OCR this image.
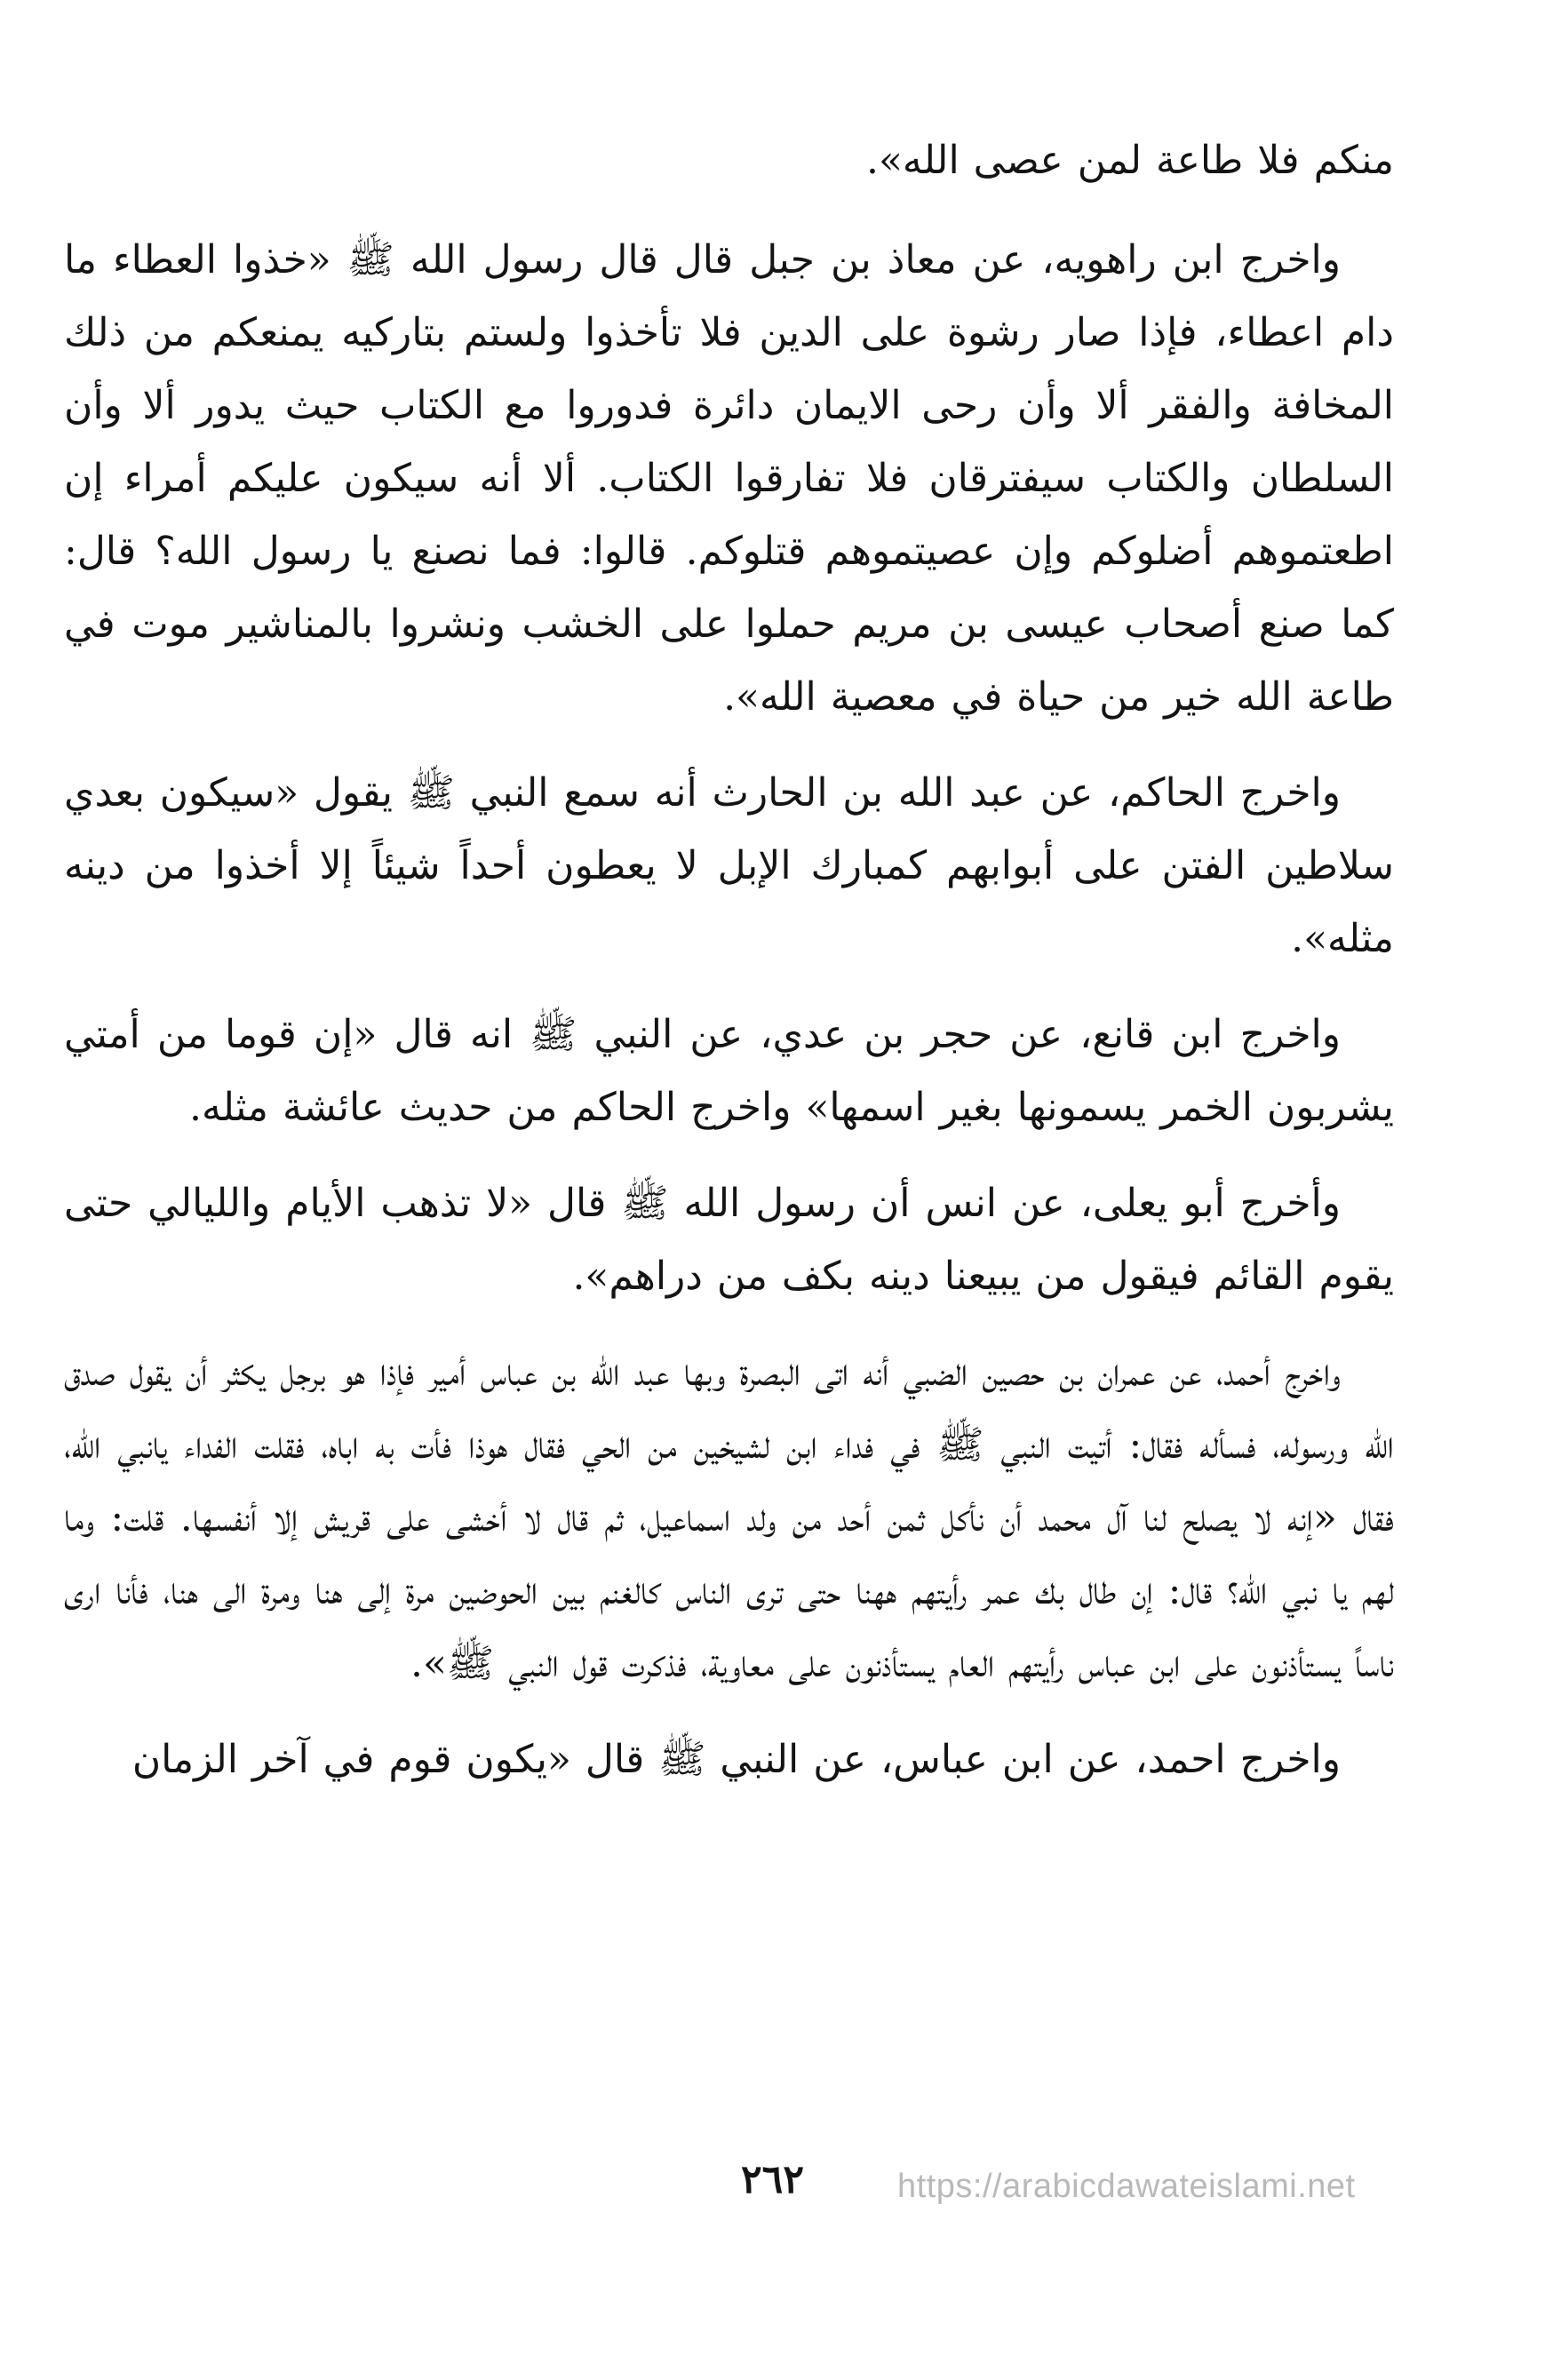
منكم فلا طاعة لمن عصى الله».

واخرج ابن راهويه، عن معاذ بن جبل قال قال رسول الله ﷺ «خذوا العطاء ما دام اعطاء، فإذا صار رشوة على الدين فلا تأخذوا ولستم بتاركيه يمنعكم من ذلك المخافة والفقر ألا وأن رحى الايمان دائرة فدوروا مع الكتاب حيث يدور ألا وأن السلطان والكتاب سيفترقان فلا تفارقوا الكتاب. ألا أنه سيكون عليكم أمراء إن اطعتموهم أضلوكم وإن عصيتموهم قتلوكم. قالوا: فما نصنع يا رسول الله؟ قال: كما صنع أصحاب عيسى بن مريم حملوا على الخشب ونشروا بالمناشير موت في طاعة الله خير من حياة في معصية الله».

واخرج الحاكم، عن عبد الله بن الحارث أنه سمع النبي ﷺ يقول «سيكون بعدي سلاطين الفتن على أبوابهم كمبارك الإبل لا يعطون أحداً شيئاً إلا أخذوا من دينه مثله».

واخرج ابن قانع، عن حجر بن عدي، عن النبي ﷺ انه قال «إن قوما من أمتي يشربون الخمر يسمونها بغير اسمها» واخرج الحاكم من حديث عائشة مثله.

وأخرج أبو يعلى، عن انس أن رسول الله ﷺ قال «لا تذهب الأيام والليالي حتى يقوم القائم فيقول من يبيعنا دينه بكف من دراهم».

واخرج أحمد، عن عمران بن حصين الضبي أنه اتى البصرة وبها عبد الله بن عباس أمير فإذا هو برجل يكثر أن يقول صدق الله ورسوله، فسأله فقال: أتيت النبي ﷺ في فداء ابن لشيخين من الحي فقال هوذا فأت به اباه، فقلت الفداء يانبي الله، فقال «إنه لا يصلح لنا آل محمد أن نأكل ثمن أحد من ولد اسماعيل، ثم قال لا أخشى على قريش إلا أنفسها. قلت: وما لهم يا نبي الله؟ قال: إن طال بك عمر رأيتهم ههنا حتى ترى الناس كالغنم بين الحوضين مرة إلى هنا ومرة الى هنا، فأنا ارى ناساً يستأذنون على ابن عباس رأيتهم العام يستأذنون على معاوية، فذكرت قول النبي ﷺ».

واخرج احمد، عن ابن عباس، عن النبي ﷺ قال «يكون قوم في آخر الزمان

٢٦٢	https://arabicdawateislami.net
